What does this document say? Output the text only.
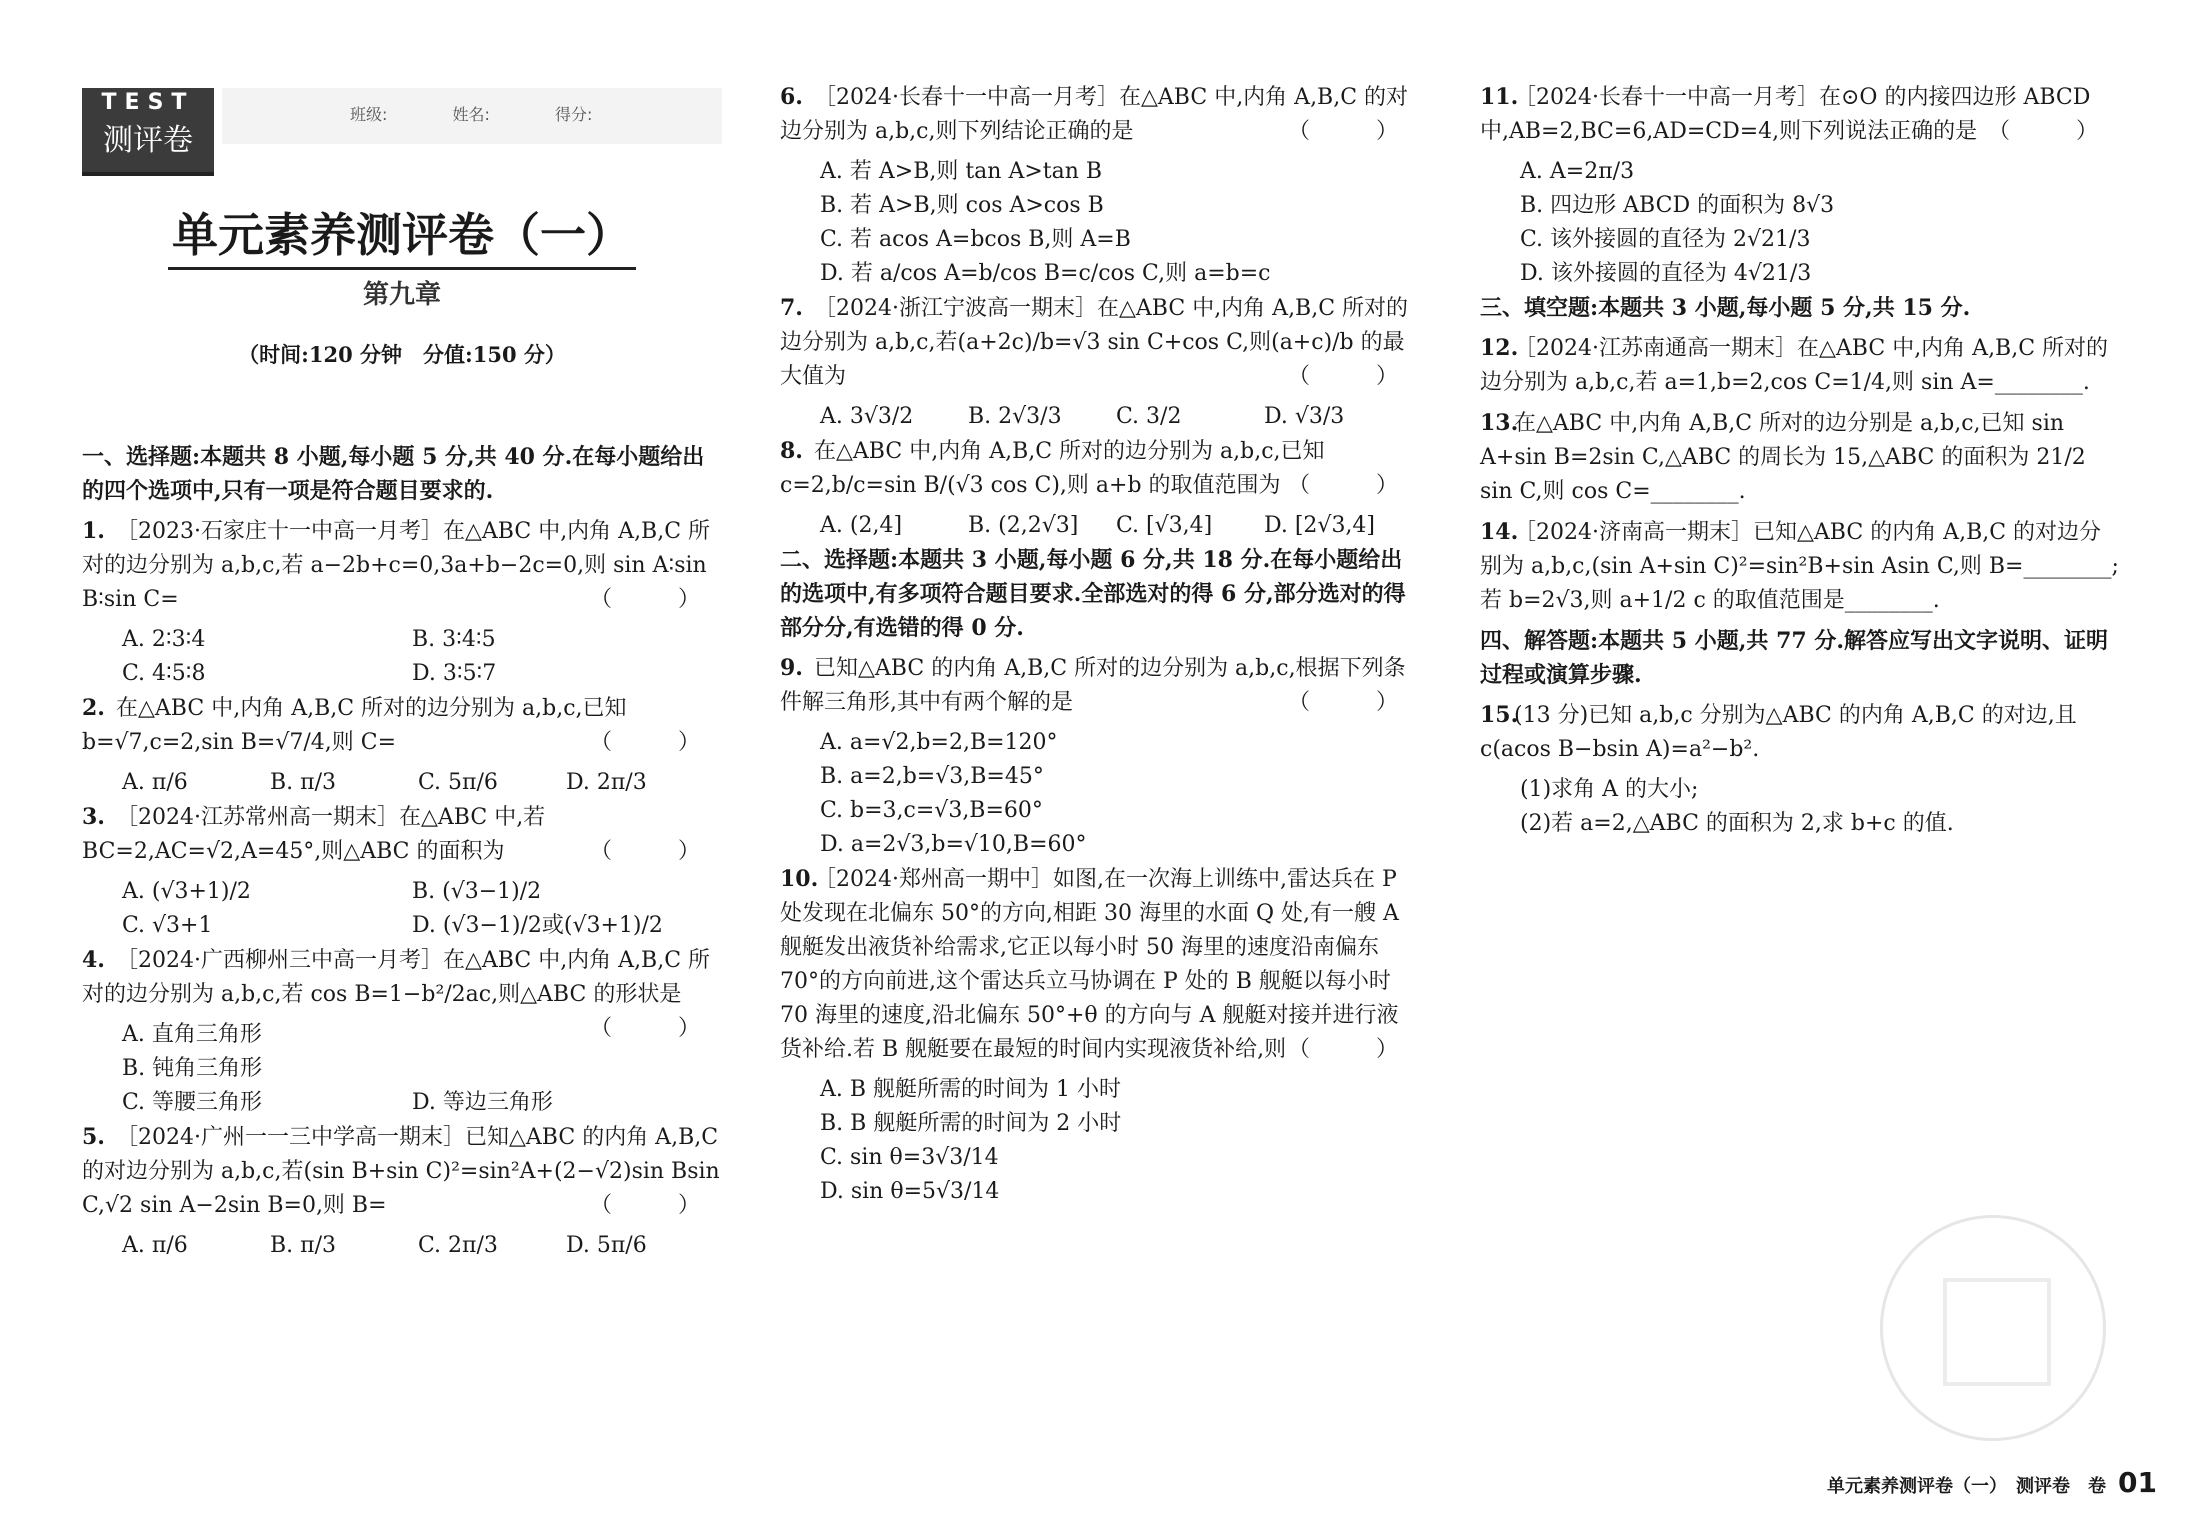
TEST
测评卷
班级: 姓名: 得分:
单元素养测评卷（一）
第九章
（时间:120 分钟　分值:150 分）
一、选择题:本题共 8 小题,每小题 5 分,共 40 分.在每小题给出的四个选项中,只有一项是符合题目要求的.
1. ［2023·石家庄十一中高一月考］在△ABC 中,内角 A,B,C 所对的边分别为 a,b,c,若 a−2b+c=0,3a+b−2c=0,则 sin A∶sin B∶sin C=	（　）
A. 2∶3∶4	B. 3∶4∶5
C. 4∶5∶8	D. 3∶5∶7
2. 在△ABC 中,内角 A,B,C 所对的边分别为 a,b,c,已知 b=√7,c=2,sin B=√7/4,则 C=	（　）
A. π/6	B. π/3	C. 5π/6	D. 2π/3
3. ［2024·江苏常州高一期末］在△ABC 中,若 BC=2,AC=√2,A=45°,则△ABC 的面积为	（　）
A. (√3+1)/2	B. (√3−1)/2
C. √3+1	D. (√3−1)/2或(√3+1)/2
4. ［2024·广西柳州三中高一月考］在△ABC 中,内角 A,B,C 所对的边分别为 a,b,c,若 cos B=1−b²/2ac,则△ABC 的形状是
（　）
A. 直角三角形B. 钝角三角形
C. 等腰三角形	D. 等边三角形
5. ［2024·广州一一三中学高一期末］已知△ABC 的内角 A,B,C 的对边分别为 a,b,c,若(sin B+sin C)²=sin²A+(2−√2)sin Bsin C,√2 sin A−2sin B=0,则 B=	（　）
A. π/6	B. π/3	C. 2π/3	D. 5π/6
6. ［2024·长春十一中高一月考］在△ABC 中,内角 A,B,C 的对边分别为 a,b,c,则下列结论正确的是	（　）
A. 若 A>B,则 tan A>tan B
B. 若 A>B,则 cos A>cos B
C. 若 acos A=bcos B,则 A=B
D. 若 a/cos A=b/cos B=c/cos C,则 a=b=c
7. ［2024·浙江宁波高一期末］在△ABC 中,内角 A,B,C 所对的边分别为 a,b,c,若(a+2c)/b=√3 sin C+cos C,则(a+c)/b 的最大值为	（　）
A. 3√3/2 B. 2√3/3 C. 3/2	D. √3/3
8. 在△ABC 中,内角 A,B,C 所对的边分别为 a,b,c,已知 c=2,b/c=sin B/(√3 cos C),则 a+b 的取值范围为 （　）
A. (2,4]	B. (2,2√3] C. [√3,4] D. [2√3,4]
二、选择题:本题共 3 小题,每小题 6 分,共 18 分.在每小题给出的选项中,有多项符合题目要求.全部选对的得 6 分,部分选对的得部分分,有选错的得 0 分.
9. 已知△ABC 的内角 A,B,C 所对的边分别为 a,b,c,根据下列条件解三角形,其中有两个解的是	（　）
A. a=√2,b=2,B=120°
B. a=2,b=√3,B=45°
C. b=3,c=√3,B=60°
D. a=2√3,b=√10,B=60°
10.［2024·郑州高一期中］如图,在一次海上训练中,雷达兵在 P 处发现在北偏东 50°的方向,相距 30 海里的水面 Q 处,有一艘 A 舰艇发出液货补给需求,它正以每小时 50 海里的速度沿南偏东 70°的方向前进,这个雷达兵立马协调在 P 处的 B 舰艇以每小时 70 海里的速度,沿北偏东 50°+θ 的方向与 A 舰艇对接并进行液货补给.若 B 舰艇要在最短的时间内实现液货补给,则 （　）
A. B 舰艇所需的时间为 1 小时
B. B 舰艇所需的时间为 2 小时
C. sin θ=3√3/14
D. sin θ=5√3/14
11.［2024·长春十一中高一月考］在⊙O 的内接四边形 ABCD 中,AB=2,BC=6,AD=CD=4,则下列说法正确的是 （　）
A. A=2π/3
B. 四边形 ABCD 的面积为 8√3
C. 该外接圆的直径为 2√21/3
D. 该外接圆的直径为 4√21/3
三、填空题:本题共 3 小题,每小题 5 分,共 15 分.
12.［2024·江苏南通高一期末］在△ABC 中,内角 A,B,C 所对的边分别为 a,b,c,若 a=1,b=2,cos C=1/4,则 sin A=________.
13.在△ABC 中,内角 A,B,C 所对的边分别是 a,b,c,已知 sin A+sin B=2sin C,△ABC 的周长为 15,△ABC 的面积为 21/2 sin C,则 cos C=________.
14.［2024·济南高一期末］已知△ABC 的内角 A,B,C 的对边分别为 a,b,c,(sin A+sin C)²=sin²B+sin Asin C,则 B=________;若 b=2√3,则 a+1/2 c 的取值范围是________.
四、解答题:本题共 5 小题,共 77 分.解答应写出文字说明、证明过程或演算步骤.
15.(13 分)已知 a,b,c 分别为△ABC 的内角 A,B,C 的对边,且 c(acos B−bsin A)=a²−b².
(1)求角 A 的大小;
(2)若 a=2,△ABC 的面积为 2,求 b+c 的值.
单元素养测评卷（一）　测评卷　卷 01
